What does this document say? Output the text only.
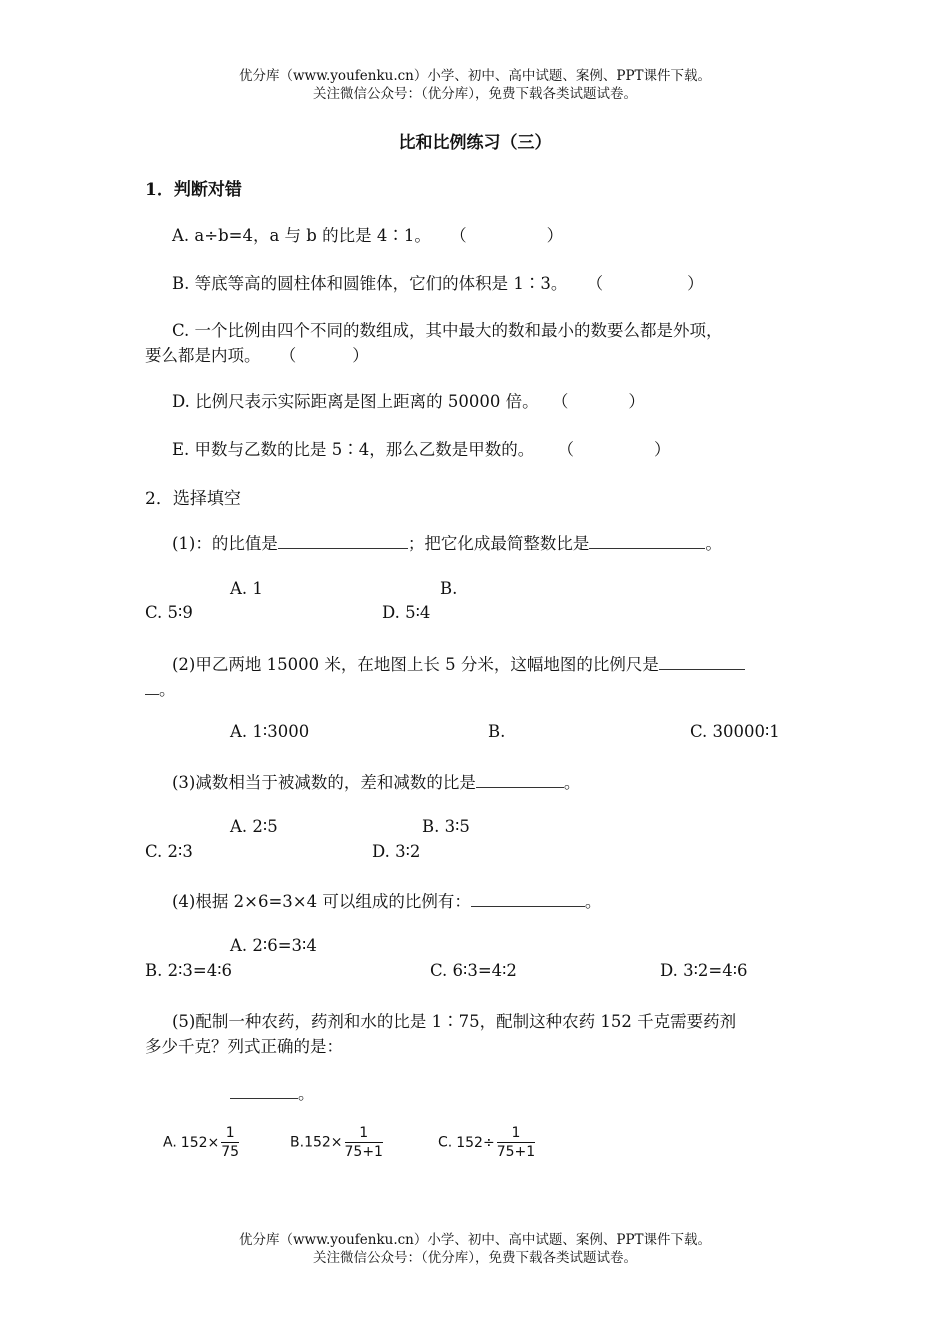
优分库（www.youfenku.cn）小学、初中、高中试题、案例、PPT课件下载。
关注微信公众号：（优分库），免费下载各类试题试卷。
比和比例练习（三）
1．判断对错
A. a÷b=4，a 与 b 的比是 4∶1。 （	）
B. 等底等高的圆柱体和圆锥体，它们的体积是 1∶3。 （	）
C. 一个比例由四个不同的数组成，其中最大的数和最小的数要么都是外项，
要么都是内项。 （	）
D. 比例尺表示实际距离是图上距离的 50000 倍。 （	）
E. 甲数与乙数的比是 5∶4，那么乙数是甲数的。 （	）
2．选择填空
(1)：的比值是	；把它化成最简整数比是	。
A. 1	B.
C. 5∶9	D. 5∶4
(2)甲乙两地 15000 米，在地图上长 5 分米，这幅地图的比例尺是
。
A. 1∶3000	B.	C. 30000∶1
(3)减数相当于被减数的，差和减数的比是	。
A. 2∶5	B. 3∶5
C. 2∶3	D. 3∶2
(4)根据 2×6=3×4 可以组成的比例有：	。
A. 2∶6=3∶4
B. 2∶3=4∶6	C. 6∶3=4∶2	D. 3∶2=4∶6
(5)配制一种农药，药剂和水的比是 1∶75，配制这种农药 152 千克需要药剂
多少千克？列式正确的是：
。
A. $152\times \frac{1}{75}$	$B.152\times \frac{1}{75+1}$	C. $152\div \frac{1}{75+1}$
优分库（www.youfenku.cn）小学、初中、高中试题、案例、PPT课件下载。
关注微信公众号：（优分库），免费下载各类试题试卷。
